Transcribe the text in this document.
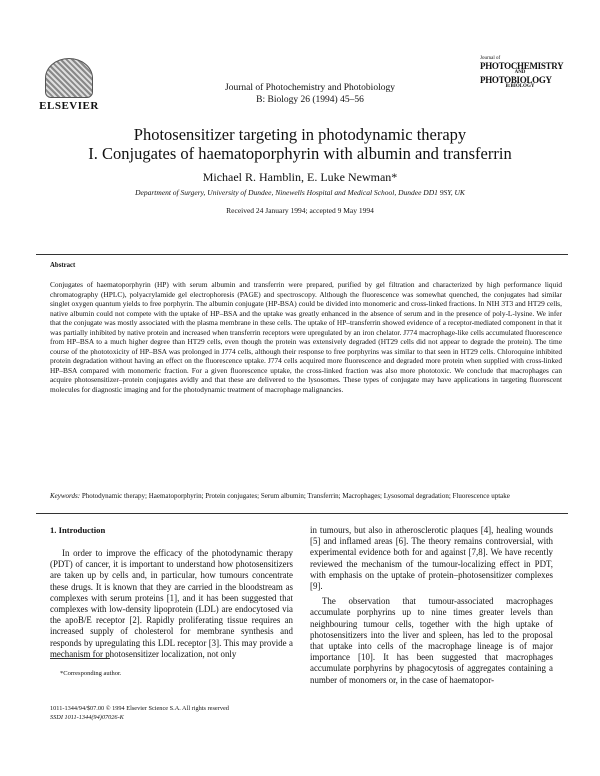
ELSEVIER
Journal of Photochemistry and Photobiology
B: Biology 26 (1994) 45–56
Journal of
PHOTOCHEMISTRY
AND
PHOTOBIOLOGY
B:BIOLOGY
Photosensitizer targeting in photodynamic therapy
I. Conjugates of haematoporphyrin with albumin and transferrin
Michael R. Hamblin, E. Luke Newman*
Department of Surgery, University of Dundee, Ninewells Hospital and Medical School, Dundee DD1 9SY, UK
Received 24 January 1994; accepted 9 May 1994
Abstract
Conjugates of haematoporphyrin (HP) with serum albumin and transferrin were prepared, purified by gel filtration and characterized by high performance liquid chromatography (HPLC), polyacrylamide gel electrophoresis (PAGE) and spectroscopy. Although the fluorescence was somewhat quenched, the conjugates had similar singlet oxygen quantum yields to free porphyrin. The albumin conjugate (HP-BSA) could be divided into monomeric and cross-linked fractions. In NIH 3T3 and HT29 cells, native albumin could not compete with the uptake of HP–BSA and the uptake was greatly enhanced in the absence of serum and in the presence of poly-L-lysine. We infer that the conjugate was mostly associated with the plasma membrane in these cells. The uptake of HP–transferrin showed evidence of a receptor-mediated component in that it was partially inhibited by native protein and increased when transferrin receptors were upregulated by an iron chelator. J774 macrophage-like cells accumulated fluorescence from HP–BSA to a much higher degree than HT29 cells, even though the protein was extensively degraded (HT29 cells did not appear to degrade the protein). The time course of the phototoxicity of HP–BSA was prolonged in J774 cells, although their response to free porphyrins was similar to that seen in HT29 cells. Chloroquine inhibited protein degradation without having an effect on the fluorescence uptake. J774 cells acquired more fluorescence and degraded more protein when supplied with cross-linked HP–BSA compared with monomeric fraction. For a given fluorescence uptake, the cross-linked fraction was also more phototoxic. We conclude that macrophages can acquire photosensitizer–protein conjugates avidly and that these are delivered to the lysosomes. These types of conjugate may have applications in targeting fluorescent molecules for diagnostic imaging and for the photodynamic treatment of macrophage malignancies.
Keywords: Photodynamic therapy; Haematoporphyrin; Protein conjugates; Serum albumin; Transferrin; Macrophages; Lysosomal degradation; Fluorescence uptake
1. Introduction
In order to improve the efficacy of the photodynamic therapy (PDT) of cancer, it is important to understand how photosensitizers are taken up by cells and, in particular, how tumours concentrate these drugs. It is known that they are carried in the bloodstream as complexes with serum proteins [1], and it has been suggested that complexes with low-density lipoprotein (LDL) are endocytosed via the apoB/E receptor [2]. Rapidly proliferating tissue requires an increased supply of cholesterol for membrane synthesis and responds by upregulating this LDL receptor [3]. This may provide a mechanism for photosensitizer localization, not only

in tumours, but also in atherosclerotic plaques [4], healing wounds [5] and inflamed areas [6]. The theory remains controversial, with experimental evidence both for and against [7,8]. We have recently reviewed the mechanism of the tumour-localizing effect in PDT, with emphasis on the uptake of protein–photosensitizer complexes [9].

The observation that tumour-associated macrophages accumulate porphyrins up to nine times greater levels than neighbouring tumour cells, together with the high uptake of photosensitizers into the liver and spleen, has led to the proposal that uptake into cells of the macrophage lineage is of major importance [10]. It has been suggested that macrophages accumulate porphyrins by phagocytosis of aggregates containing a number of monomers or, in the case of haematopor-

*Corresponding author.
1011-1344/94/$07.00 © 1994 Elsevier Science S.A. All rights reserved
SSDI 1011-1344(94)07026-K
